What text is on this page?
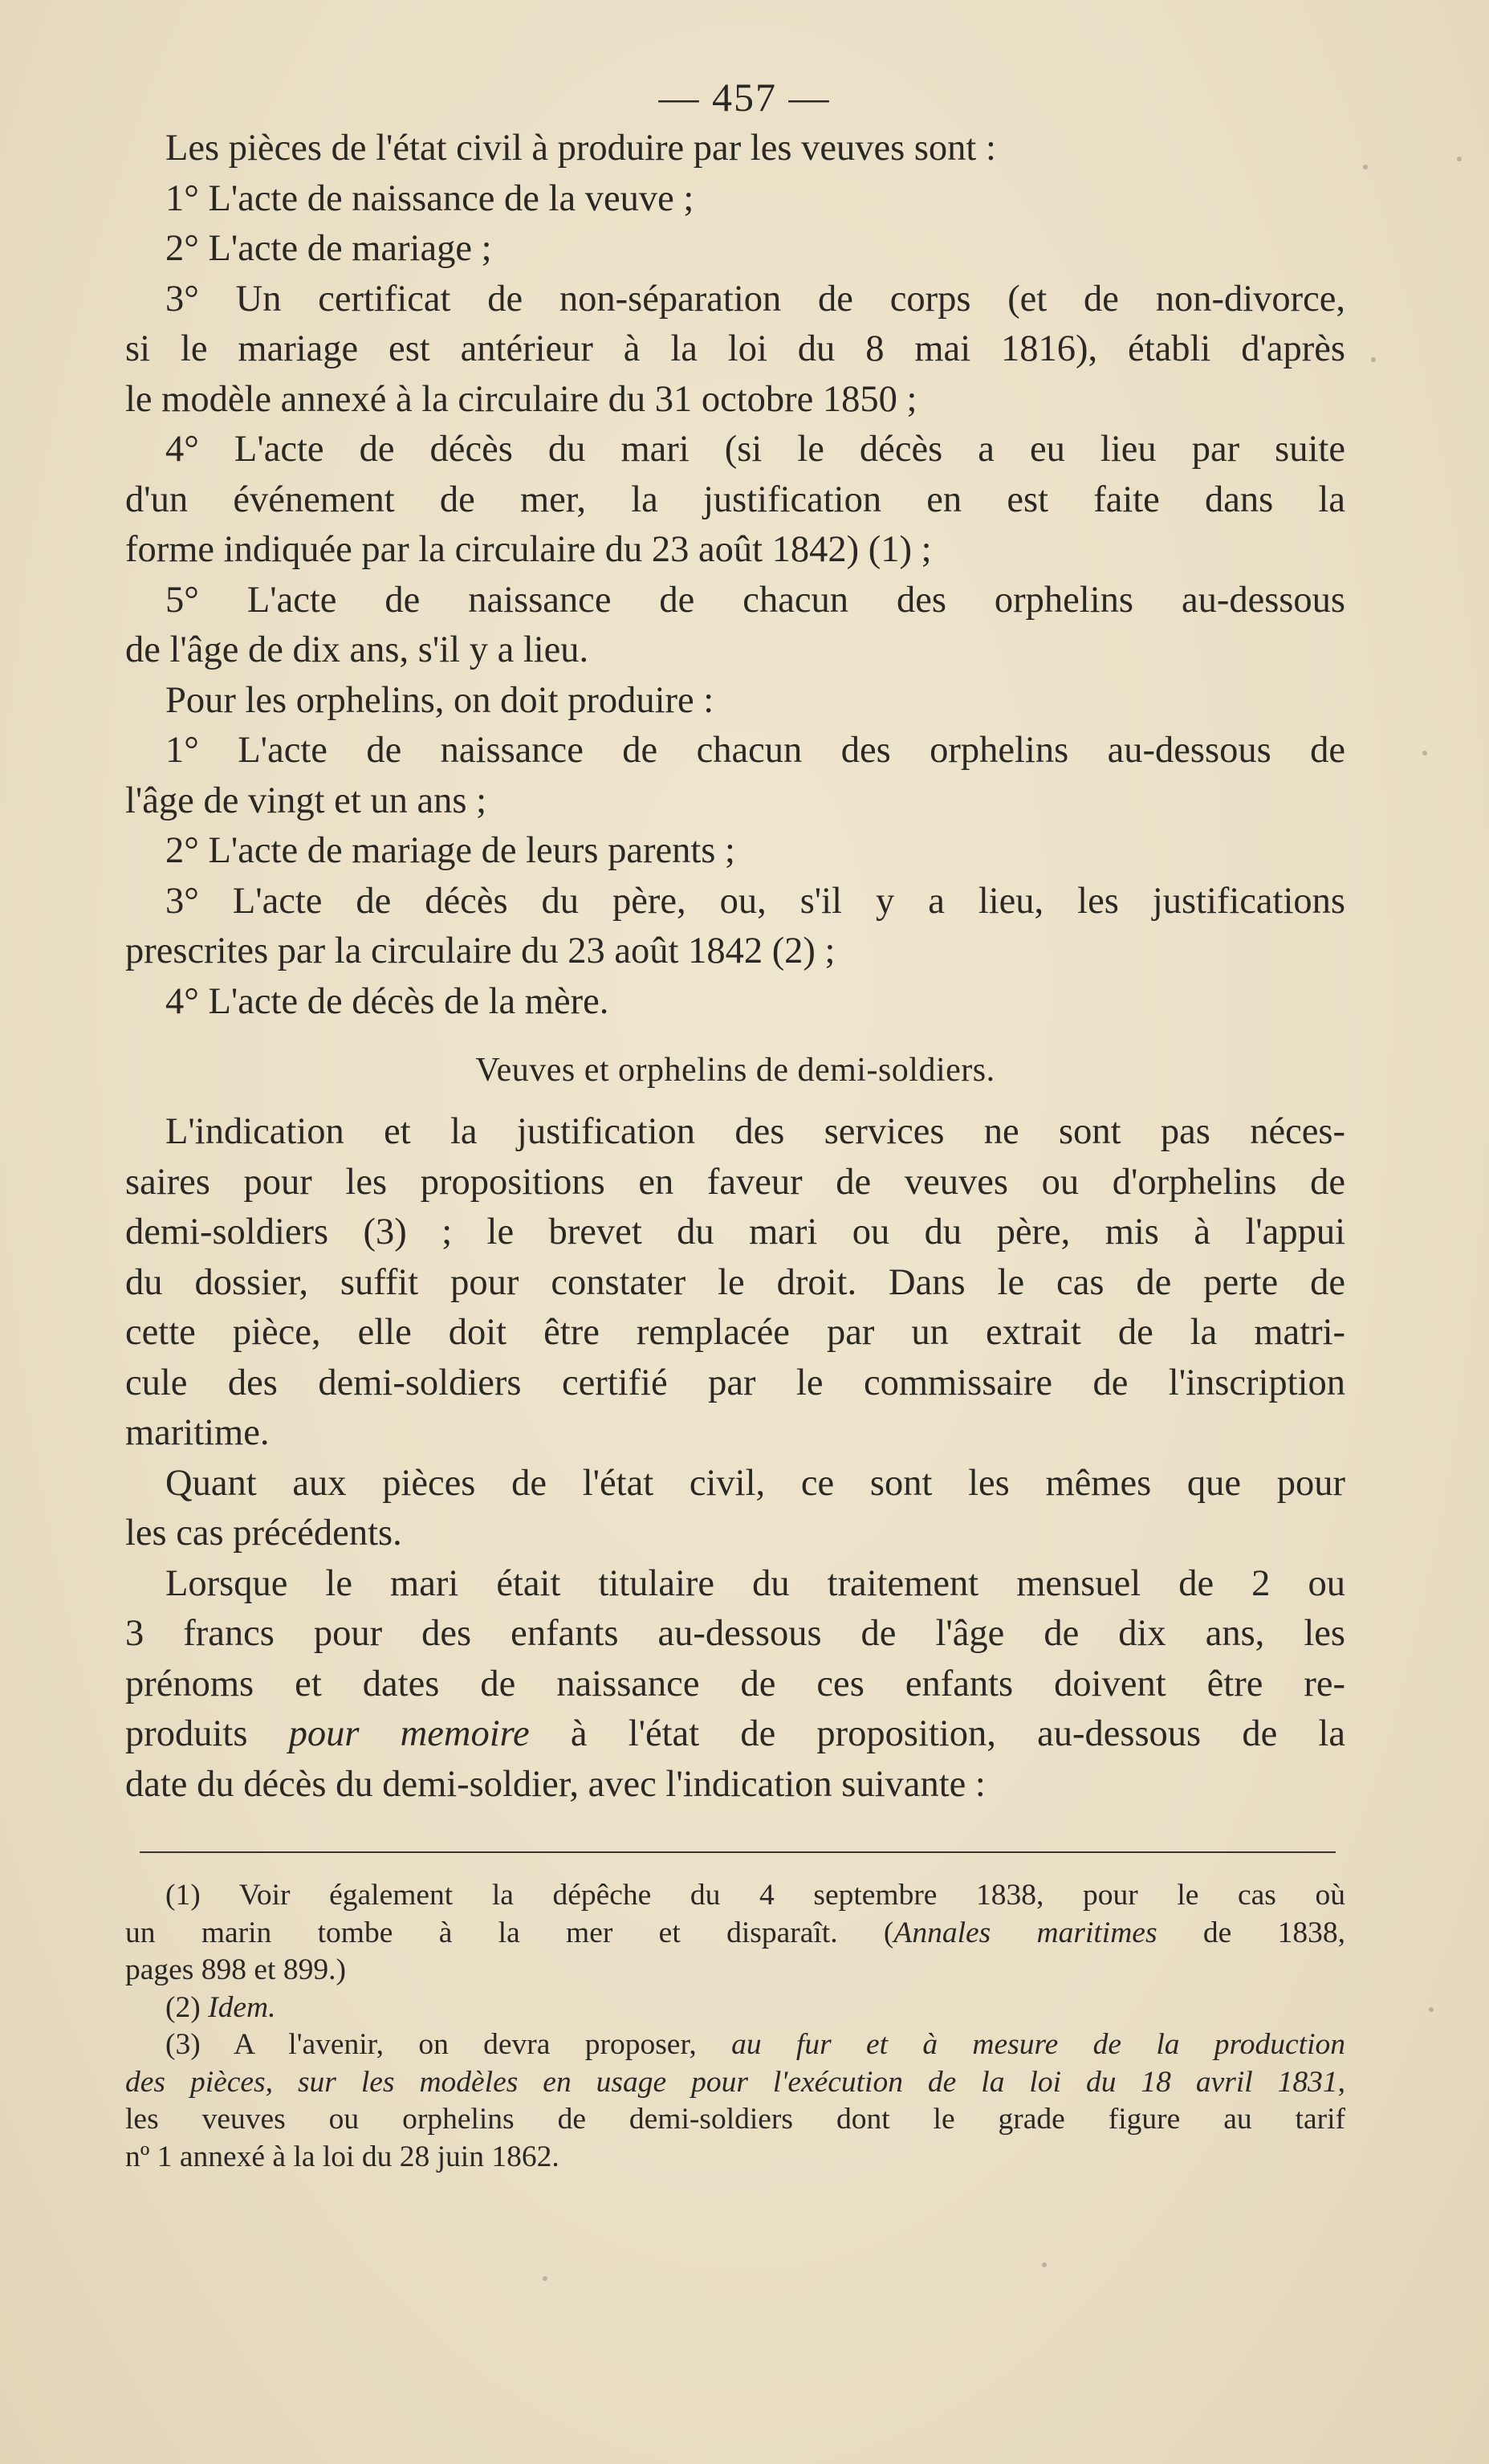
— 457 —
Les pièces de l'état civil à produire par les veuves sont :
1° L'acte de naissance de la veuve ;
2° L'acte de mariage ;
3° Un certificat de non-séparation de corps (et de non-divorce,
si le mariage est antérieur à la loi du 8 mai 1816), établi d'après
le modèle annexé à la circulaire du 31 octobre 1850 ;
4° L'acte de décès du mari (si le décès a eu lieu par suite
d'un événement de mer, la justification en est faite dans la
forme indiquée par la circulaire du 23 août 1842) (1) ;
5° L'acte de naissance de chacun des orphelins au-dessous
de l'âge de dix ans, s'il y a lieu.
Pour les orphelins, on doit produire :
1° L'acte de naissance de chacun des orphelins au-dessous de
l'âge de vingt et un ans ;
2° L'acte de mariage de leurs parents ;
3° L'acte de décès du père, ou, s'il y a lieu, les justifications
prescrites par la circulaire du 23 août 1842 (2) ;
4° L'acte de décès de la mère.
Veuves et orphelins de demi-soldiers.
L'indication et la justification des services ne sont pas néces-
saires pour les propositions en faveur de veuves ou d'orphelins de
demi-soldiers (3) ; le brevet du mari ou du père, mis à l'appui
du dossier, suffit pour constater le droit. Dans le cas de perte de
cette pièce, elle doit être remplacée par un extrait de la matri-
cule des demi-soldiers certifié par le commissaire de l'inscription
maritime.
Quant aux pièces de l'état civil, ce sont les mêmes que pour
les cas précédents.
Lorsque le mari était titulaire du traitement mensuel de 2 ou
3 francs pour des enfants au-dessous de l'âge de dix ans, les
prénoms et dates de naissance de ces enfants doivent être re-
produits pour memoire à l'état de proposition, au-dessous de la
date du décès du demi-soldier, avec l'indication suivante :
(1) Voir également la dépêche du 4 septembre 1838, pour le cas où
un marin tombe à la mer et disparaît. (Annales maritimes de 1838,
pages 898 et 899.)
(2) Idem.
(3) A l'avenir, on devra proposer, au fur et à mesure de la production
des pièces, sur les modèles en usage pour l'exécution de la loi du 18 avril 1831,
les veuves ou orphelins de demi-soldiers dont le grade figure au tarif
nº 1 annexé à la loi du 28 juin 1862.
